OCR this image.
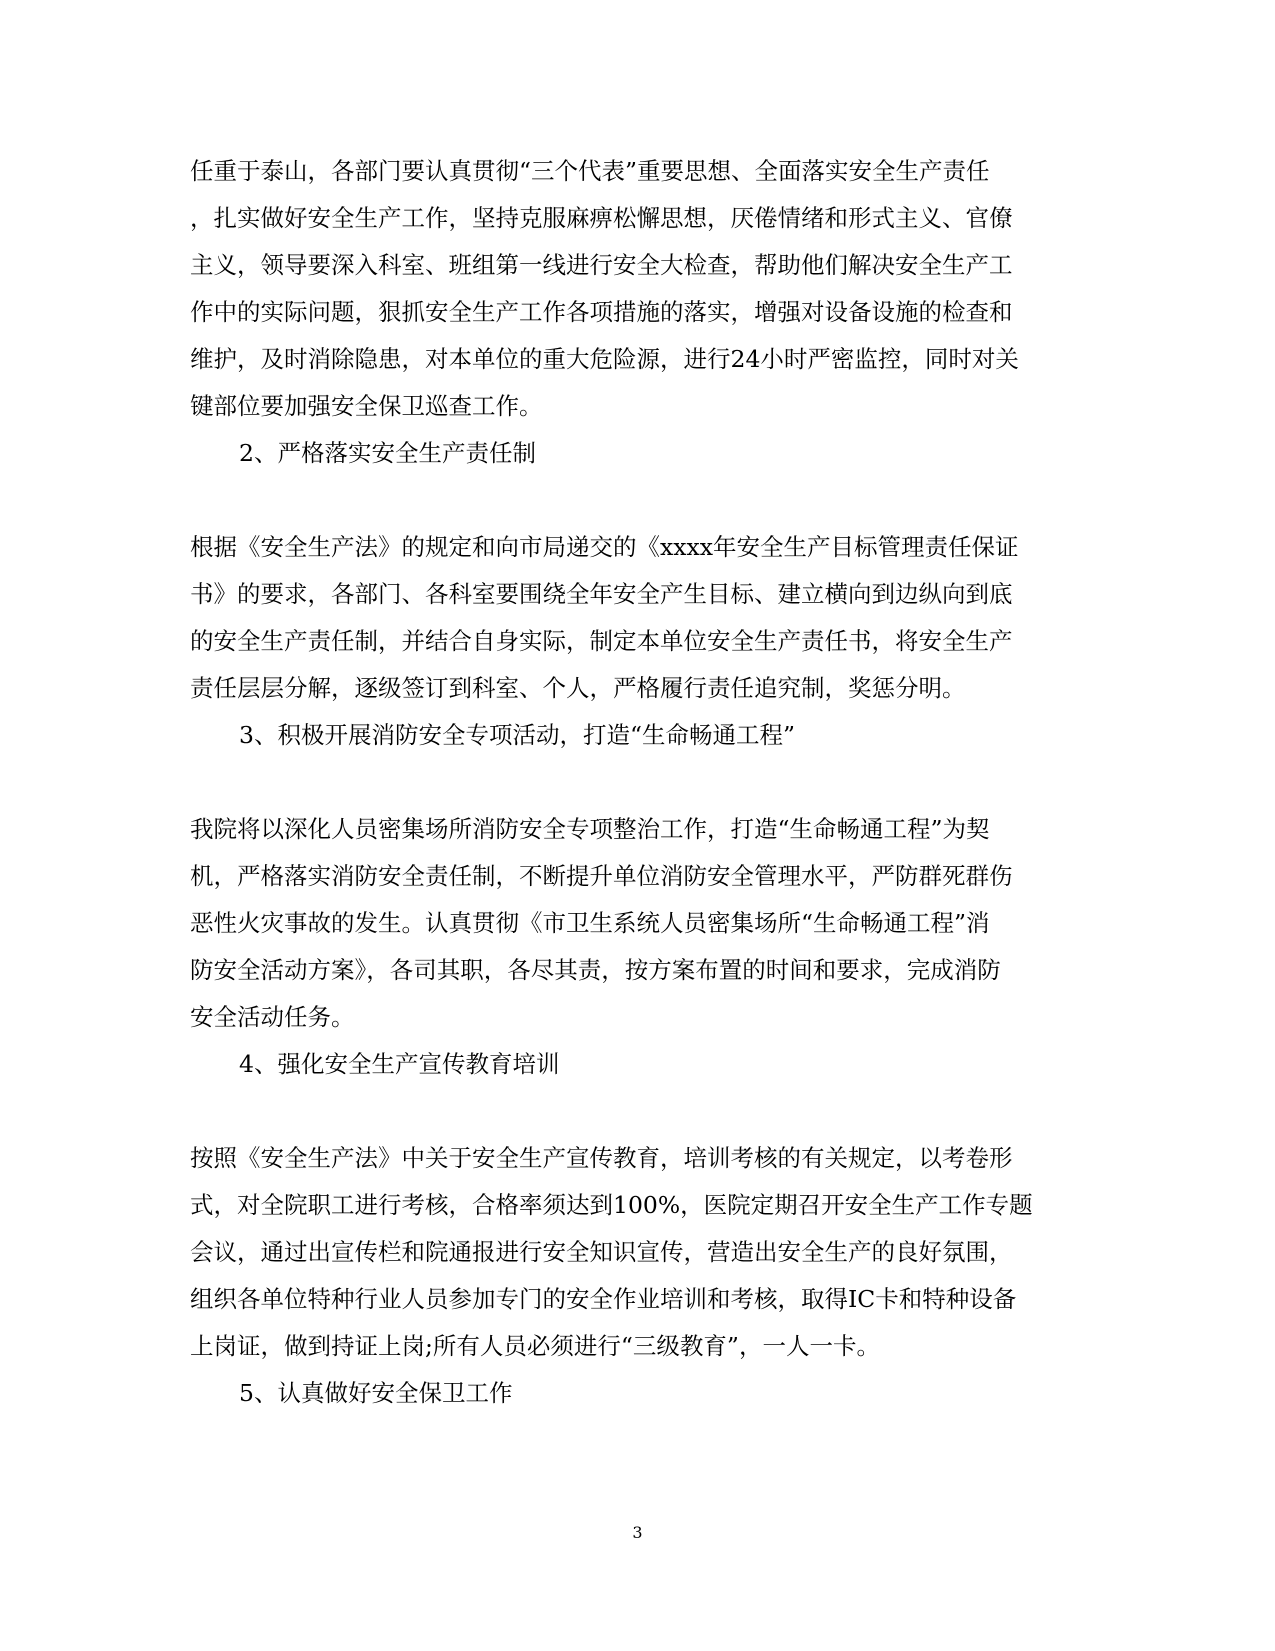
任重于泰山，各部门要认真贯彻“三个代表”重要思想、全面落实安全生产责任
，扎实做好安全生产工作，坚持克服麻痹松懈思想，厌倦情绪和形式主义、官僚
主义，领导要深入科室、班组第一线进行安全大检查，帮助他们解决安全生产工
作中的实际问题，狠抓安全生产工作各项措施的落实，增强对设备设施的检查和
维护，及时消除隐患，对本单位的重大危险源，进行24小时严密监控，同时对关
键部位要加强安全保卫巡查工作。
2、严格落实安全生产责任制
根据《安全生产法》的规定和向市局递交的《xxxx年安全生产目标管理责任保证
书》的要求，各部门、各科室要围绕全年安全产生目标、建立横向到边纵向到底
的安全生产责任制，并结合自身实际，制定本单位安全生产责任书，将安全生产
责任层层分解，逐级签订到科室、个人，严格履行责任追究制，奖惩分明。
3、积极开展消防安全专项活动，打造“生命畅通工程”
我院将以深化人员密集场所消防安全专项整治工作，打造“生命畅通工程”为契
机，严格落实消防安全责任制，不断提升单位消防安全管理水平，严防群死群伤
恶性火灾事故的发生。认真贯彻《市卫生系统人员密集场所“生命畅通工程”消
防安全活动方案》，各司其职，各尽其责，按方案布置的时间和要求，完成消防
安全活动任务。
4、强化安全生产宣传教育培训
按照《安全生产法》中关于安全生产宣传教育，培训考核的有关规定，以考卷形
式，对全院职工进行考核，合格率须达到100%，医院定期召开安全生产工作专题
会议，通过出宣传栏和院通报进行安全知识宣传，营造出安全生产的良好氛围，
组织各单位特种行业人员参加专门的安全作业培训和考核，取得IC卡和特种设备
上岗证，做到持证上岗;所有人员必须进行“三级教育”，一人一卡。
5、认真做好安全保卫工作
3
